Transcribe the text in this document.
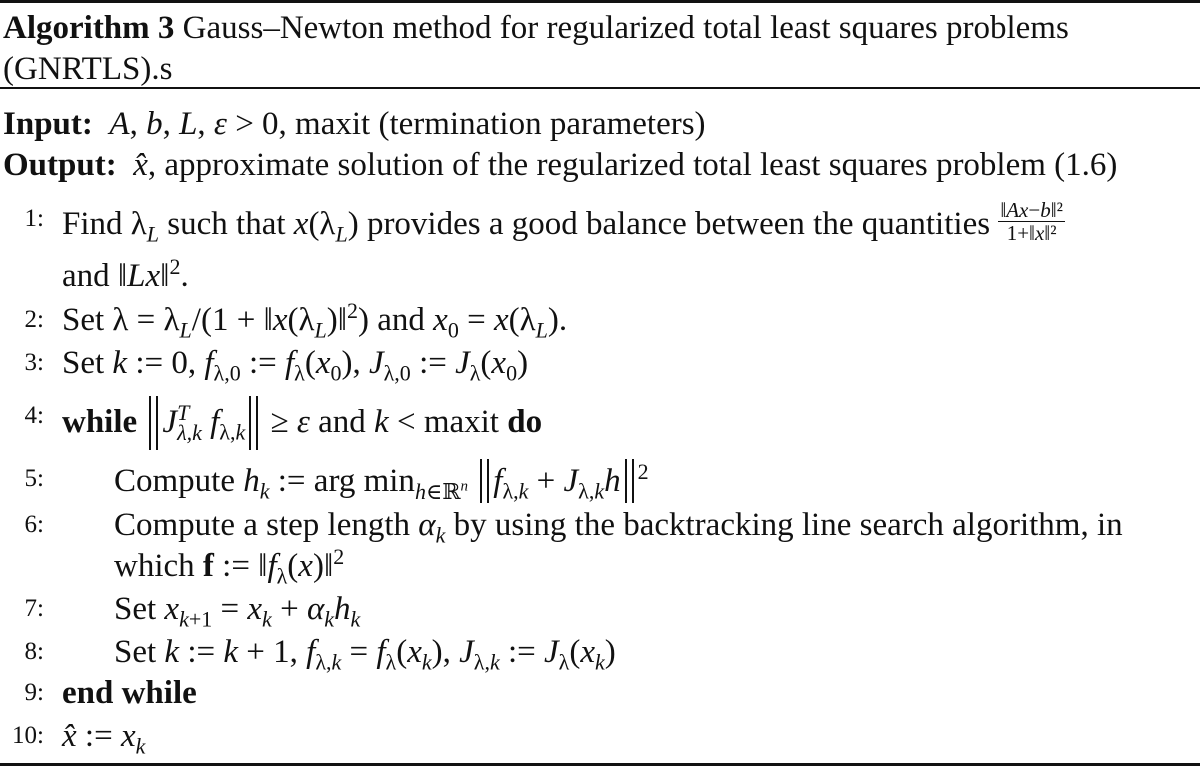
Algorithm 3 Gauss–Newton method for regularized total least squares problems (GNRTLS).s
Input: A, b, L, ε > 0, maxit (termination parameters)
Output: x̂, approximate solution of the regularized total least squares problem (1.6)
1: Find $\lambda_L$ such that $x(\lambda_L)$ provides a good balance between the quantities $\frac{\text{‖Ax−b‖²}}{\text{1+‖x‖²}}$
and ‖Lx‖$^2$.
2: Set $\lambda = \lambda_L/(1$ + $‖x(\lambda_L)‖^2$) and $x_0 = x(\lambda_L)$.
3: Set k := 0, $f_{\lambda,0}$ := $f_\lambda(x_0)$, $J_{\lambda,0}$ := $J_\lambda(x_0)$
4: while J T
λ,k $f_{\lambda,k} \ge \varepsilon$ and k < maxit do
5: Compute $h_k$ := arg $\min_{h\in ℝ^n} f_{\lambda,k} + J_{\lambda,k}h$ $^2$
6: Compute a step length $\alpha_k$ by using the backtracking line search algorithm, in
which f := $‖f_\lambda(x)‖^2$
7: Set $x_{k+1} = x_k + \alpha_kh_k$
8: Set k := k + 1, $f_{\lambda,k} = f_\lambda(x_k)$, $J_{\lambda,k}$ := $J_\lambda(x_k)$
9: end while
10: x̂ := $x_k$
